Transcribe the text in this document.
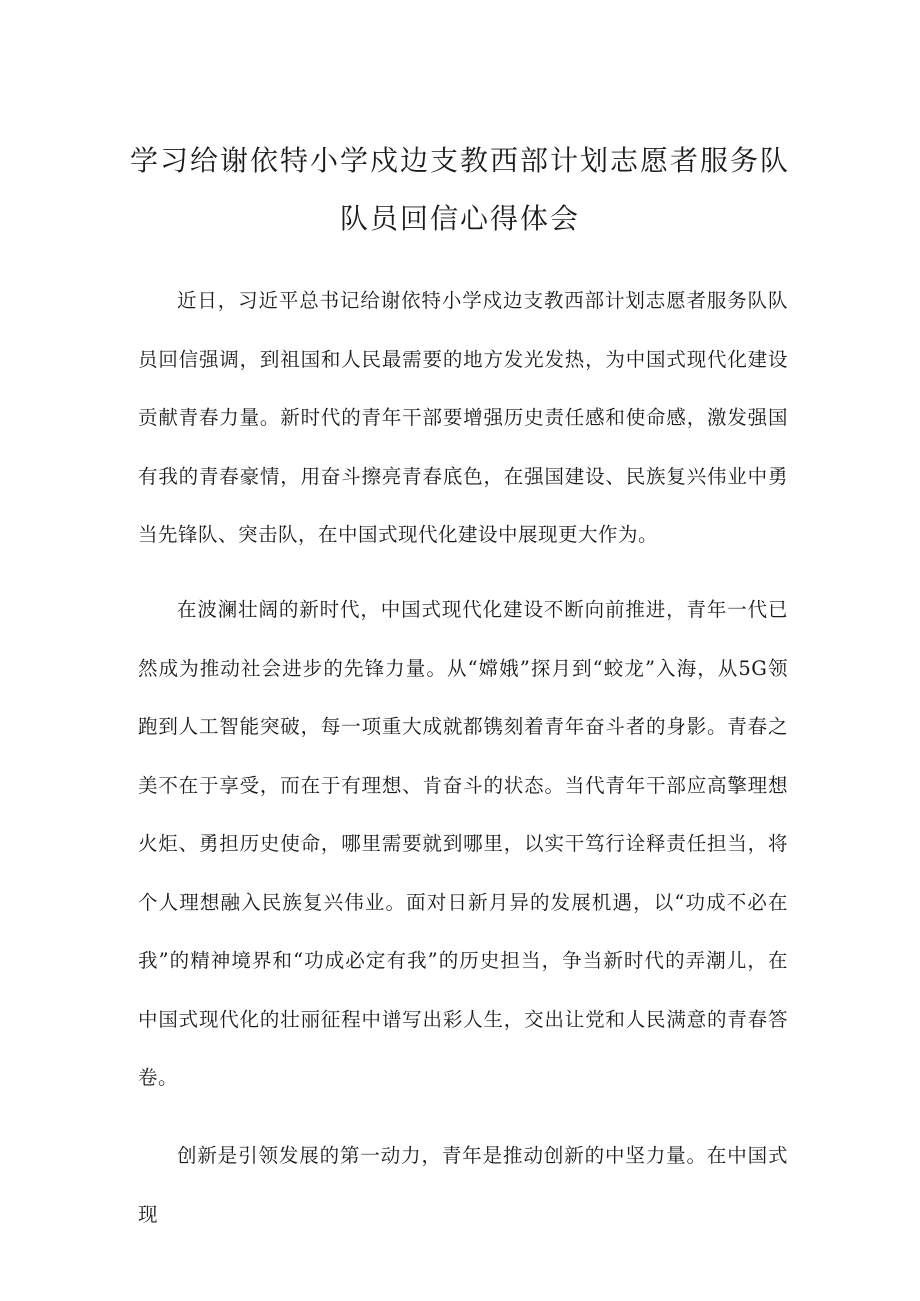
学习给谢依特小学戍边支教西部计划志愿者服务队
队员回信心得体会

近日，习近平总书记给谢依特小学戍边支教西部计划志愿者服务队队员回信强调，到祖国和人民最需要的地方发光发热，为中国式现代化建设贡献青春力量。新时代的青年干部要增强历史责任感和使命感，激发强国有我的青春豪情，用奋斗擦亮青春底色，在强国建设、民族复兴伟业中勇当先锋队、突击队，在中国式现代化建设中展现更大作为。

在波澜壮阔的新时代，中国式现代化建设不断向前推进，青年一代已然成为推动社会进步的先锋力量。从“嫦娥”探月到“蛟龙”入海，从5G领跑到人工智能突破，每一项重大成就都镌刻着青年奋斗者的身影。青春之美不在于享受，而在于有理想、肯奋斗的状态。当代青年干部应高擎理想火炬、勇担历史使命，哪里需要就到哪里，以实干笃行诠释责任担当，将个人理想融入民族复兴伟业。面对日新月异的发展机遇，以“功成不必在我”的精神境界和“功成必定有我”的历史担当，争当新时代的弄潮儿，在中国式现代化的壮丽征程中谱写出彩人生，交出让党和人民满意的青春答卷。

创新是引领发展的第一动力，青年是推动创新的中坚力量。在中国式现
